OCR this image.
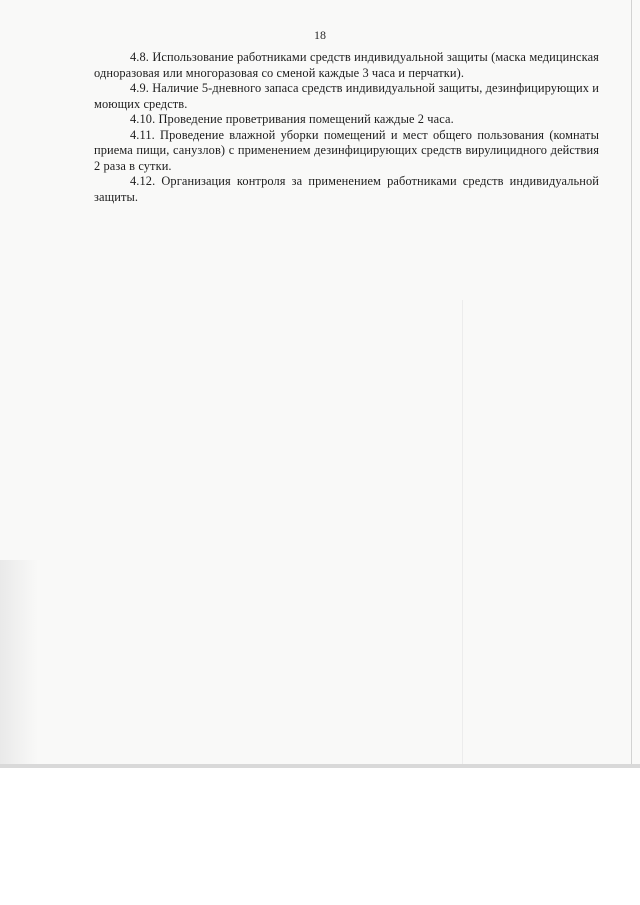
18

4.8. Использование работниками средств индивидуальной защиты (маска медицинская одноразовая или многоразовая со сменой каждые 3 часа и перчатки).

4.9. Наличие 5-дневного запаса средств индивидуальной защиты, дезинфицирующих и моющих средств.

4.10. Проведение проветривания помещений каждые 2 часа.

4.11. Проведение влажной уборки помещений и мест общего пользования (комнаты приема пищи, санузлов) с применением дезинфицирующих средств вирулицидного действия 2 раза в сутки.

4.12. Организация контроля за применением работниками средств индивидуальной защиты.
